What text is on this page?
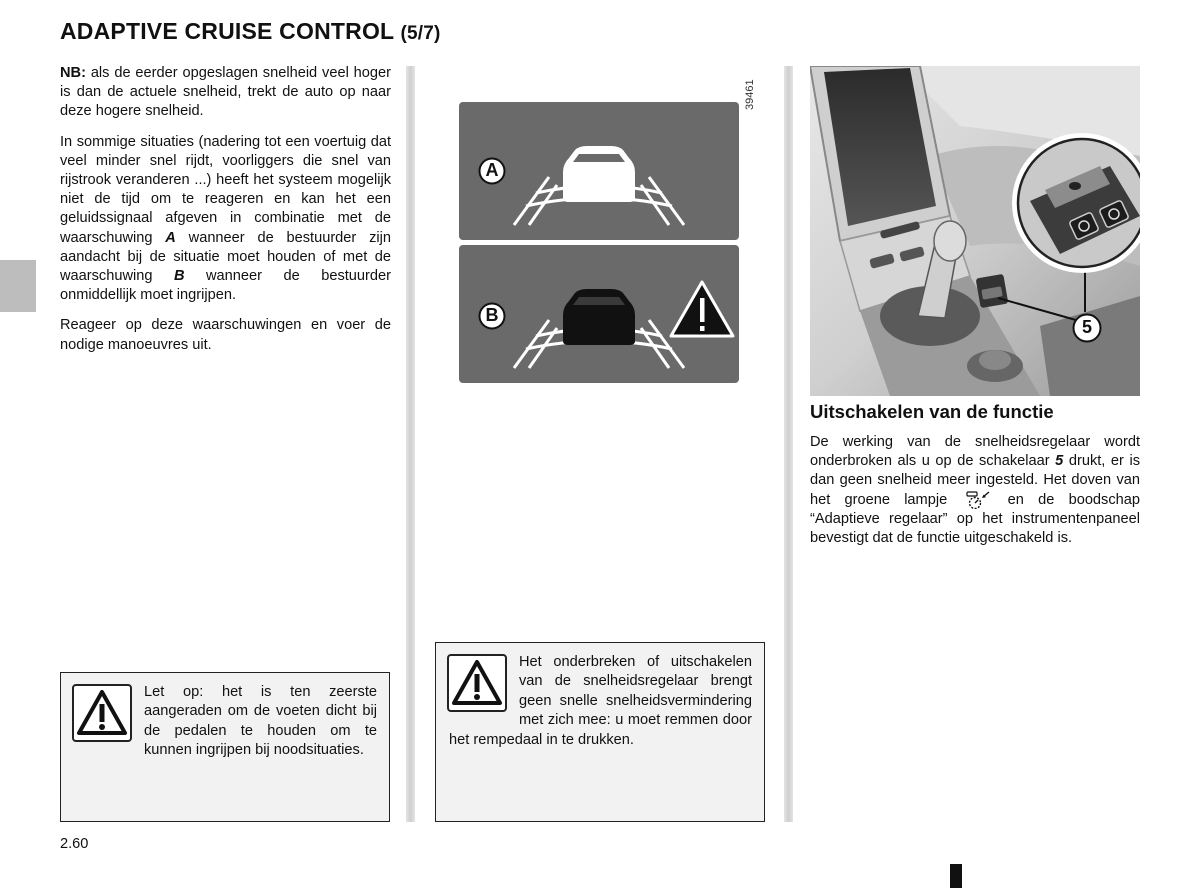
ADAPTIVE CRUISE CONTROL (5/7)

NB: als de eerder opgeslagen snelheid veel hoger is dan de actuele snelheid, trekt de auto op naar deze hogere snelheid.

In sommige situaties (nadering tot een voertuig dat veel minder snel rijdt, voorliggers die snel van rijstrook veranderen ...) heeft het systeem mogelijk niet de tijd om te reageren en kan het een geluidssignaal afgeven in combinatie met de waarschuwing A wanneer de bestuurder zijn aandacht bij de situatie moet houden of met de waarschuwing B wanneer de bestuurder onmiddellijk moet ingrijpen.

Reageer op deze waarschuwingen en voer de nodige manoeuvres uit.

Let op: het is ten zeerste aangeraden om de voeten dicht bij de pedalen te houden om te kunnen ingrijpen bij noodsituaties.
39461
A
B
Het onderbreken of uitschakelen van de snelheidsregelaar brengt geen snelle snelheidsvermindering met zich mee: u moet remmen door het rempedaal in te drukken.
5
Uitschakelen van de functie

De werking van de snelheidsregelaar wordt onderbroken als u op de schakelaar 5 drukt, er is dan geen snelheid meer ingesteld. Het doven van het groene lampje  en de boodschap “Adaptieve regelaar” op het instrumentenpaneel bevestigt dat de functie uitgeschakeld is.

2.60
